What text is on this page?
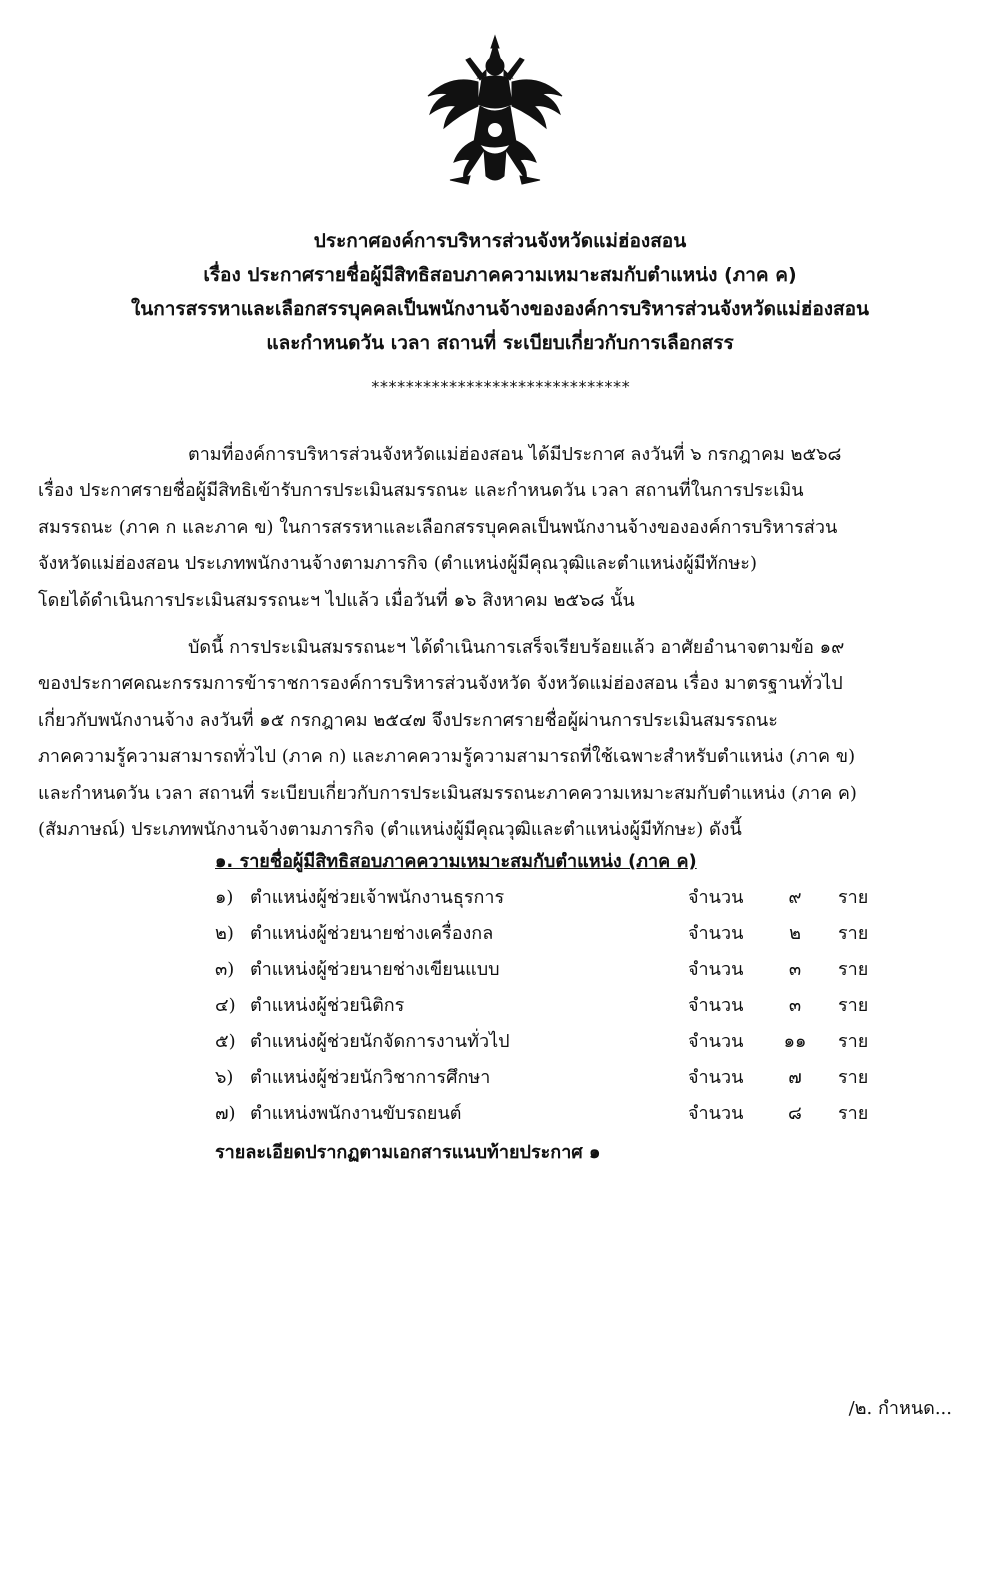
ประกาศองค์การบริหารส่วนจังหวัดแม่ฮ่องสอน
เรื่อง ประกาศรายชื่อผู้มีสิทธิสอบภาคความเหมาะสมกับตำแหน่ง (ภาค ค)
ในการสรรหาและเลือกสรรบุคคลเป็นพนักงานจ้างขององค์การบริหารส่วนจังหวัดแม่ฮ่องสอน
และกำหนดวัน เวลา สถานที่ ระเบียบเกี่ยวกับการเลือกสรร
******************************
ตามที่องค์การบริหารส่วนจังหวัดแม่ฮ่องสอน ได้มีประกาศ ลงวันที่ ๖ กรกฎาคม ๒๕๖๘
เรื่อง ประกาศรายชื่อผู้มีสิทธิเข้ารับการประเมินสมรรถนะ และกำหนดวัน เวลา สถานที่ในการประเมิน
สมรรถนะ (ภาค ก และภาค ข) ในการสรรหาและเลือกสรรบุคคลเป็นพนักงานจ้างขององค์การบริหารส่วน
จังหวัดแม่ฮ่องสอน ประเภทพนักงานจ้างตามภารกิจ (ตำแหน่งผู้มีคุณวุฒิและตำแหน่งผู้มีทักษะ)
โดยได้ดำเนินการประเมินสมรรถนะฯ ไปแล้ว เมื่อวันที่ ๑๖ สิงหาคม ๒๕๖๘ นั้น
บัดนี้ การประเมินสมรรถนะฯ ได้ดำเนินการเสร็จเรียบร้อยแล้ว อาศัยอำนาจตามข้อ ๑๙
ของประกาศคณะกรรมการข้าราชการองค์การบริหารส่วนจังหวัด จังหวัดแม่ฮ่องสอน เรื่อง มาตรฐานทั่วไป
เกี่ยวกับพนักงานจ้าง ลงวันที่ ๑๕ กรกฎาคม ๒๕๔๗ จึงประกาศรายชื่อผู้ผ่านการประเมินสมรรถนะ
ภาคความรู้ความสามารถทั่วไป (ภาค ก) และภาคความรู้ความสามารถที่ใช้เฉพาะสำหรับตำแหน่ง (ภาค ข)
และกำหนดวัน เวลา สถานที่ ระเบียบเกี่ยวกับการประเมินสมรรถนะภาคความเหมาะสมกับตำแหน่ง (ภาค ค)
(สัมภาษณ์) ประเภทพนักงานจ้างตามภารกิจ (ตำแหน่งผู้มีคุณวุฒิและตำแหน่งผู้มีทักษะ) ดังนี้
๑. รายชื่อผู้มีสิทธิสอบภาคความเหมาะสมกับตำแหน่ง (ภาค ค)
๑) ตำแหน่งผู้ช่วยเจ้าพนักงานธุรการ	จำนวน	๙	ราย
๒) ตำแหน่งผู้ช่วยนายช่างเครื่องกล	จำนวน	๒	ราย
๓) ตำแหน่งผู้ช่วยนายช่างเขียนแบบ	จำนวน	๓	ราย
๔) ตำแหน่งผู้ช่วยนิติกร	จำนวน	๓	ราย
๕) ตำแหน่งผู้ช่วยนักจัดการงานทั่วไป	จำนวน	๑๑	ราย
๖) ตำแหน่งผู้ช่วยนักวิชาการศึกษา	จำนวน	๗	ราย
๗) ตำแหน่งพนักงานขับรถยนต์	จำนวน	๘	ราย
รายละเอียดปรากฏตามเอกสารแนบท้ายประกาศ ๑
/๒. กำหนด...
